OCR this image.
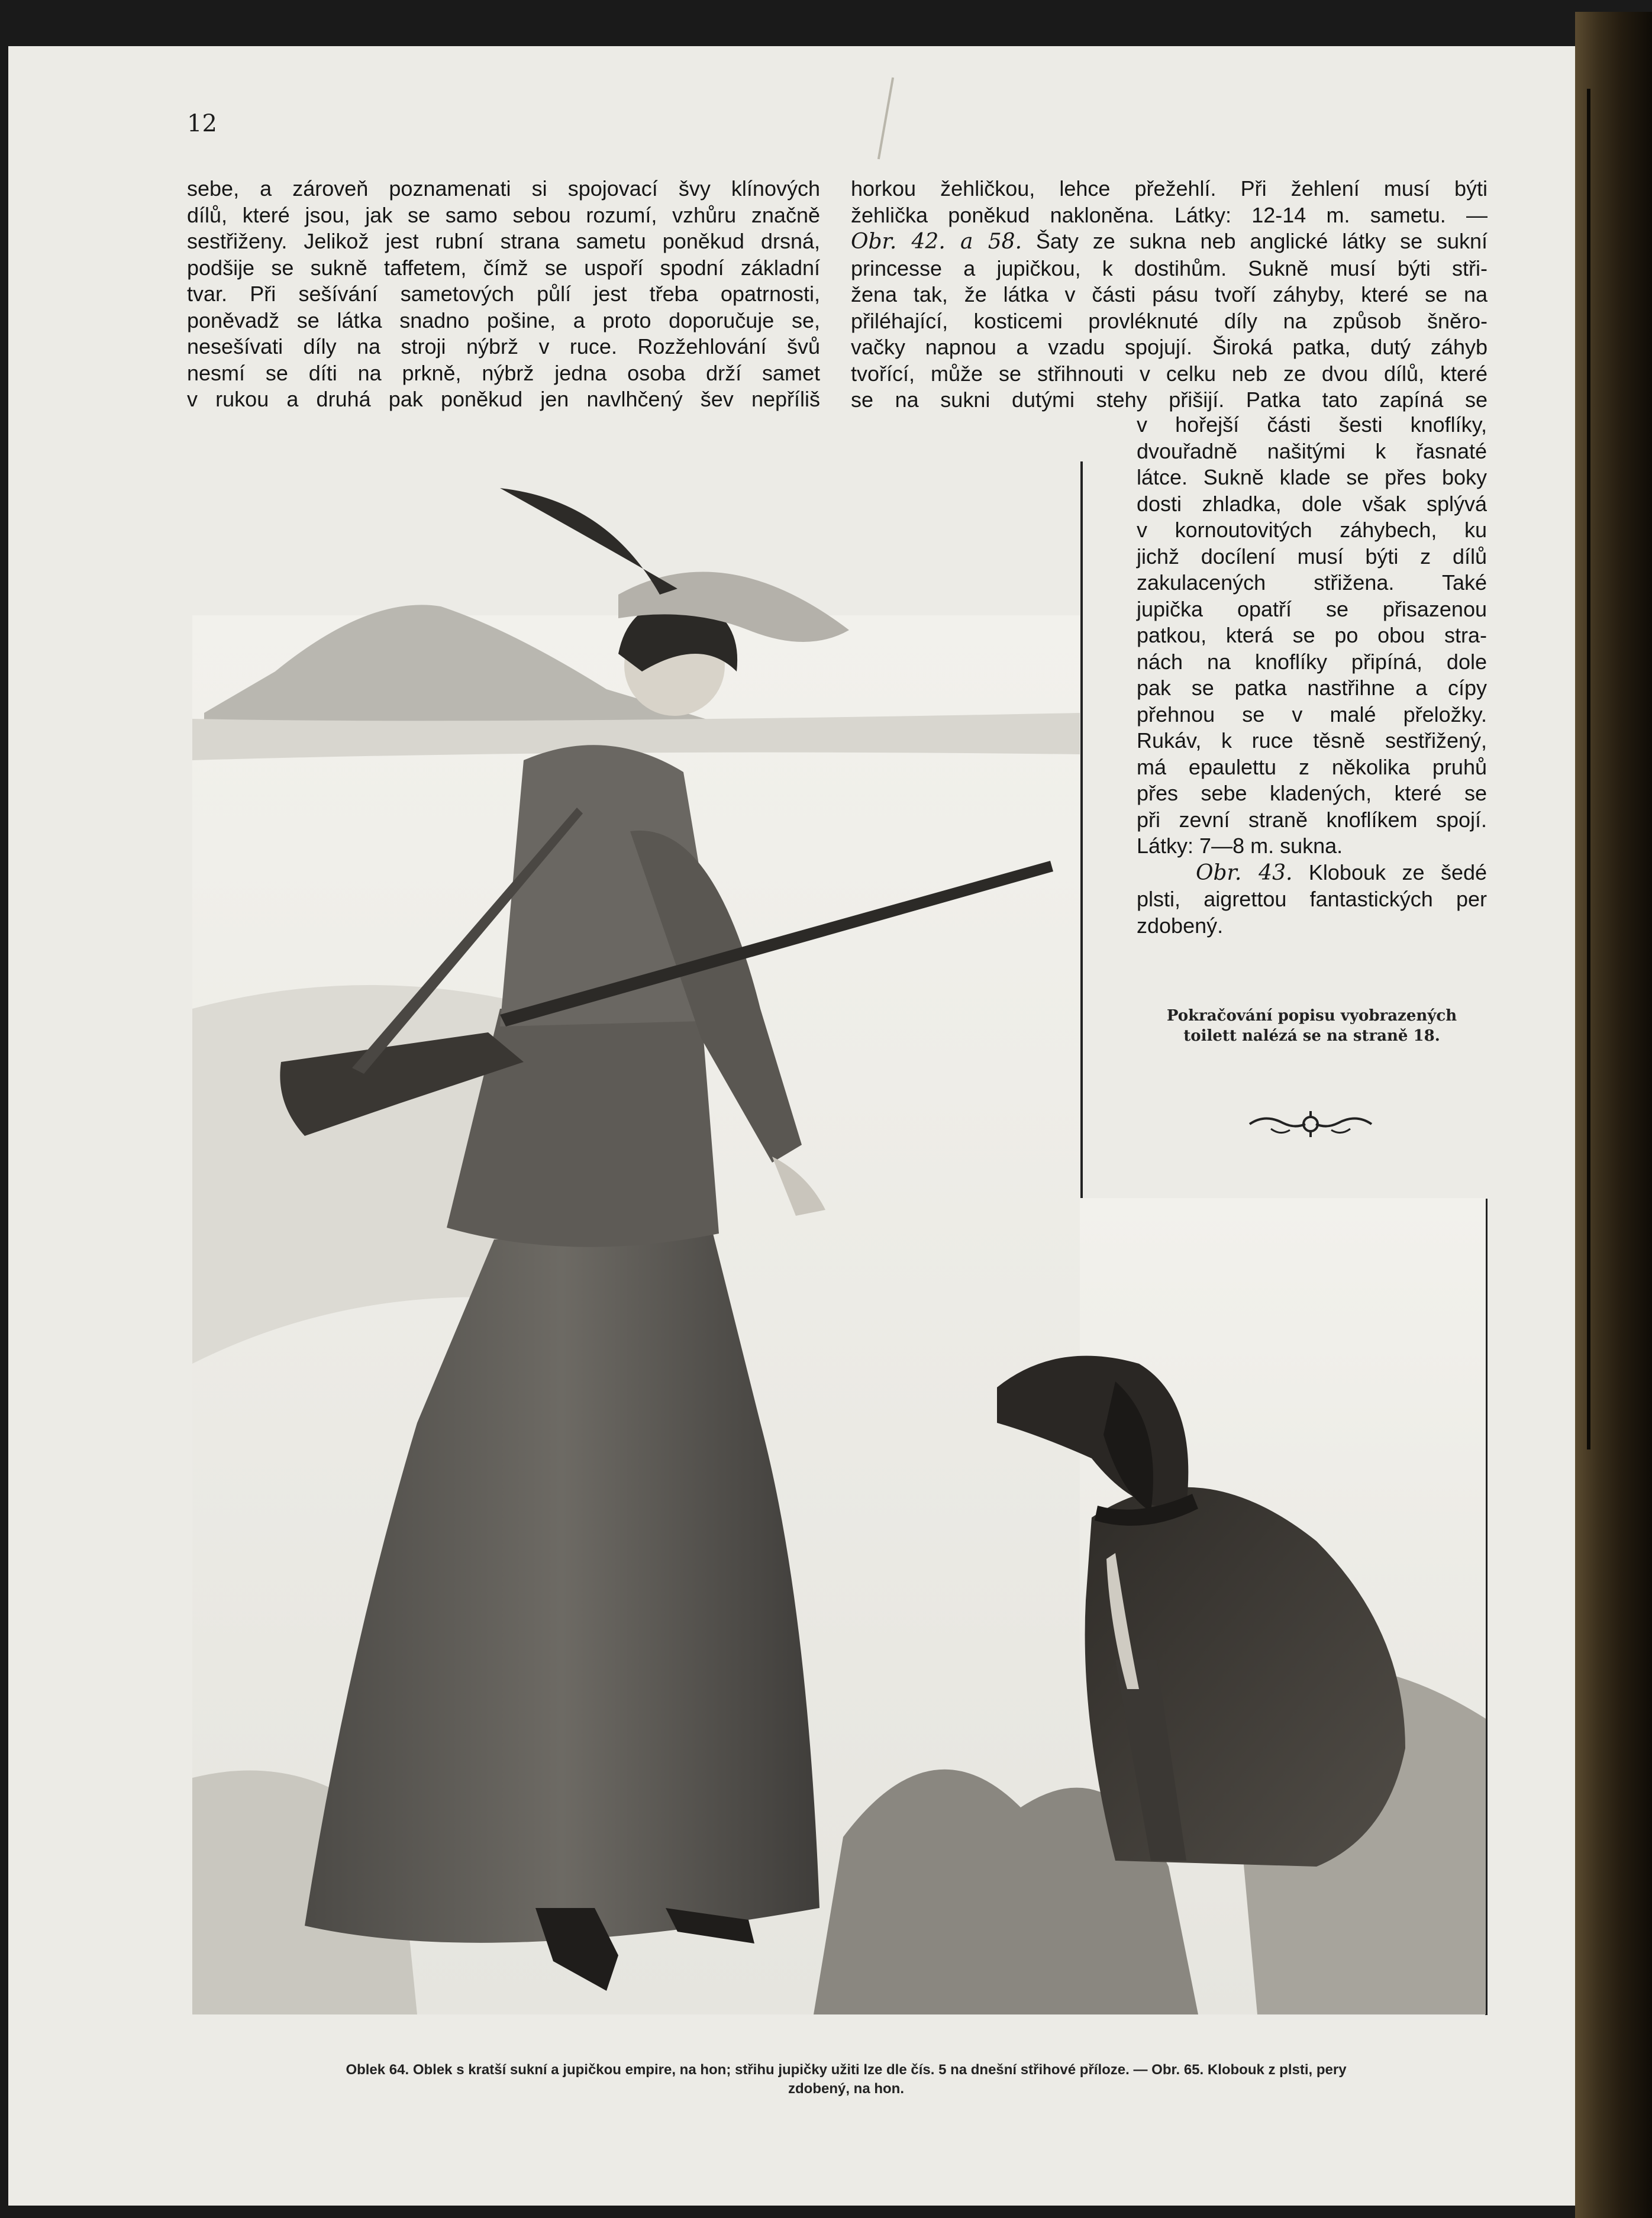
12
sebe, a zároveň poznamenati si spojovací švy klínových
dílů, které jsou, jak se samo sebou rozumí, vzhůru značně
sestřiženy. Jelikož jest rubní strana sametu poněkud drsná,
podšije se sukně taffetem, čímž se uspoří spodní základní
tvar. Při sešívání sametových půlí jest třeba opatrnosti,
poněvadž se látka snadno pošine, a proto doporučuje se,
nesešívati díly na stroji nýbrž v ruce. Rozžehlování švů
nesmí se díti na prkně, nýbrž jedna osoba drží samet
v rukou a druhá pak poněkud jen navlhčený šev nepříliš
horkou žehličkou, lehce přežehlí. Při žehlení musí býti
žehlička poněkud nakloněna. Látky: 12-14 m. sametu. —
Obr. 42. a 58. Šaty ze sukna neb anglické látky se sukní
princesse a jupičkou, k dostihům. Sukně musí býti stři-
žena tak, že látka v části pásu tvoří záhyby, které se na
přiléhající, kosticemi provléknuté díly na způsob šněro-
vačky napnou a vzadu spojují. Široká patka, dutý záhyb
tvořící, může se střihnouti v celku neb ze dvou dílů, které
se na sukni dutými stehy přišijí. Patka tato zapíná se
v hořejší části šesti knoflíky,
dvouřadně našitými k řasnaté
látce. Sukně klade se přes boky
dosti zhladka, dole však splývá
v kornoutovitých záhybech, ku
jichž docílení musí býti z dílů
zakulacených střižena. Také
jupička opatří se přisazenou
patkou, která se po obou stra-
nách na knoflíky připíná, dole
pak se patka nastřihne a cípy
přehnou se v malé přeložky.
Rukáv, k ruce těsně sestřižený,
má epaulettu z několika pruhů
přes sebe kladených, které se
při zevní straně knoflíkem spojí.
Látky: 7—8 m. sukna.
Obr. 43. Klobouk ze šedé
plsti, aigrettou fantastických per
zdobený.
Pokračování popisu vyobrazených
toilett nalézá se na straně 18.
Oblek 64. Oblek s kratší sukní a jupičkou empire, na hon; střihu jupičky užiti lze dle čís. 5 na dnešní střihové příloze. — Obr. 65. Klobouk z plsti, pery
zdobený, na hon.
